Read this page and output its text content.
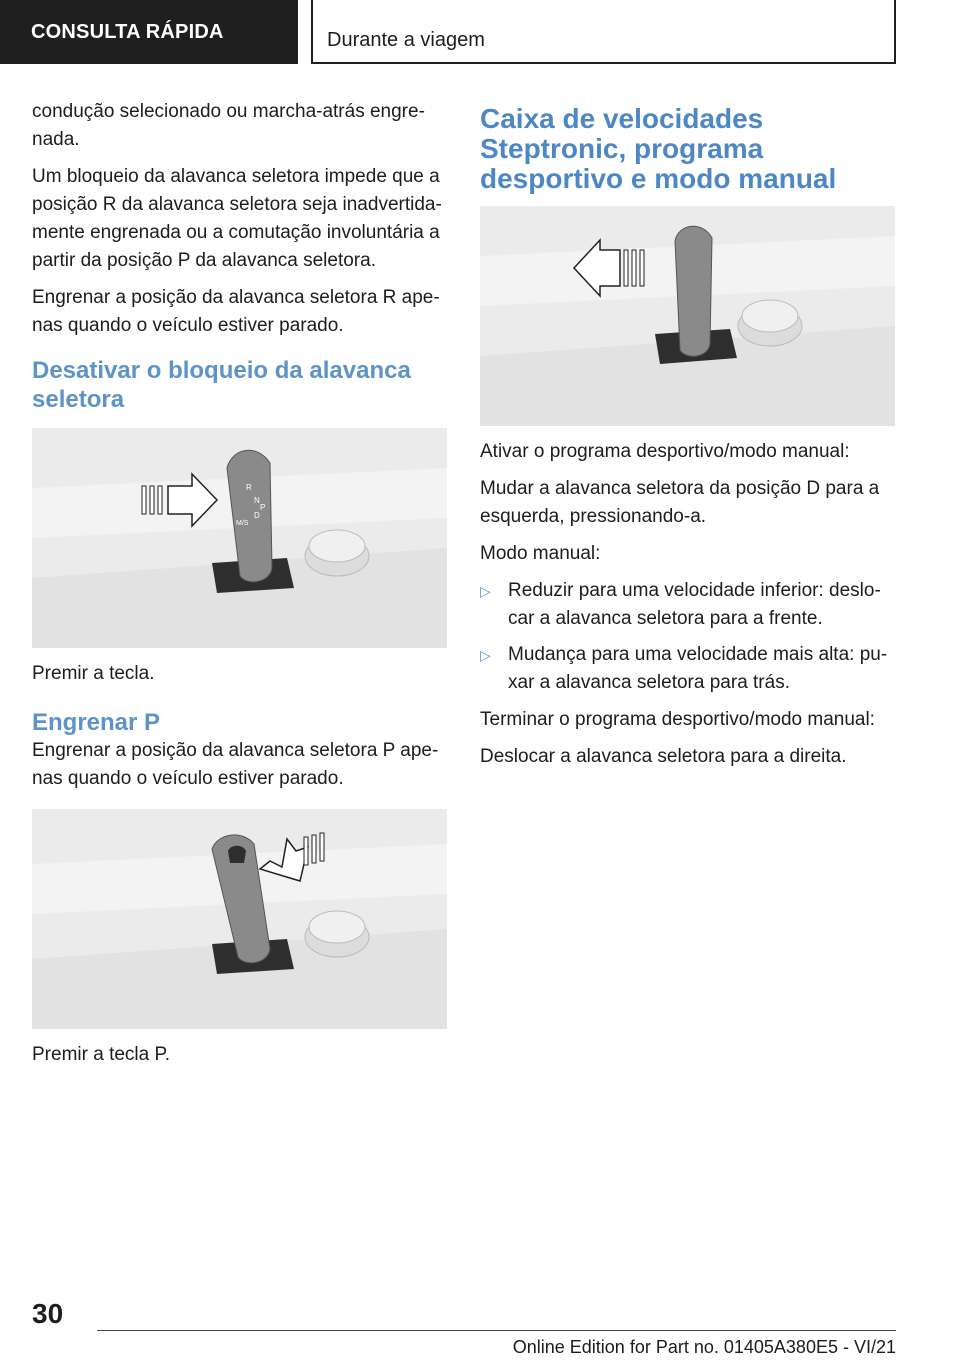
CONSULTA RÁPIDA	Durante a viagem

condução selecionado ou marcha-atrás engre-nada.

Um bloqueio da alavanca seletora impede que a posição R da alavanca seletora seja inadvertida-mente engrenada ou a comutação involuntária a partir da posição P da alavanca seletora.

Engrenar a posição da alavanca seletora R ape-nas quando o veículo estiver parado.

Desativar o bloqueio da alavanca seletora
R
N
D
P
M/S

Premir a tecla.

Engrenar P

Engrenar a posição da alavanca seletora P ape-nas quando o veículo estiver parado.

Premir a tecla P.

Caixa de velocidades Steptronic, programa desportivo e modo manual

Ativar o programa desportivo/modo manual:

Mudar a alavanca seletora da posição D para a esquerda, pressionando-a.

Modo manual:

▷ Reduzir para uma velocidade inferior: deslo-car a alavanca seletora para a frente.
▷ Mudança para uma velocidade mais alta: pu-xar a alavanca seletora para trás.

Terminar o programa desportivo/modo manual:

Deslocar a alavanca seletora para a direita.

30
Online Edition for Part no. 01405A380E5 - VI/21
